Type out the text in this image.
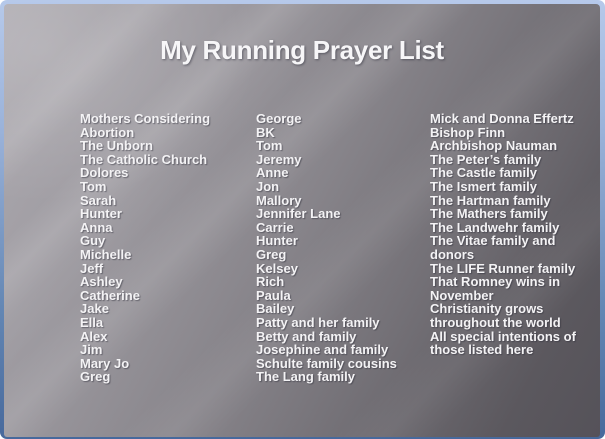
My Running Prayer List
Mothers Considering
Abortion
The Unborn
The Catholic Church
Dolores
Tom
Sarah
Hunter
Anna
Guy
Michelle
Jeff
Ashley
Catherine
Jake
Ella
Alex
Jim
Mary Jo
Greg
George
BK
Tom
Jeremy
Anne
Jon
Mallory
Jennifer Lane
Carrie
Hunter
Greg
Kelsey
Rich
Paula
Bailey
Patty and her family
Betty and family
Josephine and family
Schulte family cousins
The Lang family
Mick and Donna Effertz
Bishop Finn
Archbishop Nauman
The Peter’s family
The Castle family
The Ismert family
The Hartman family
The Mathers family
The Landwehr family
The Vitae family and
donors
The LIFE Runner family
That Romney wins in
November
Christianity grows
throughout the world
All special intentions of
those listed here
